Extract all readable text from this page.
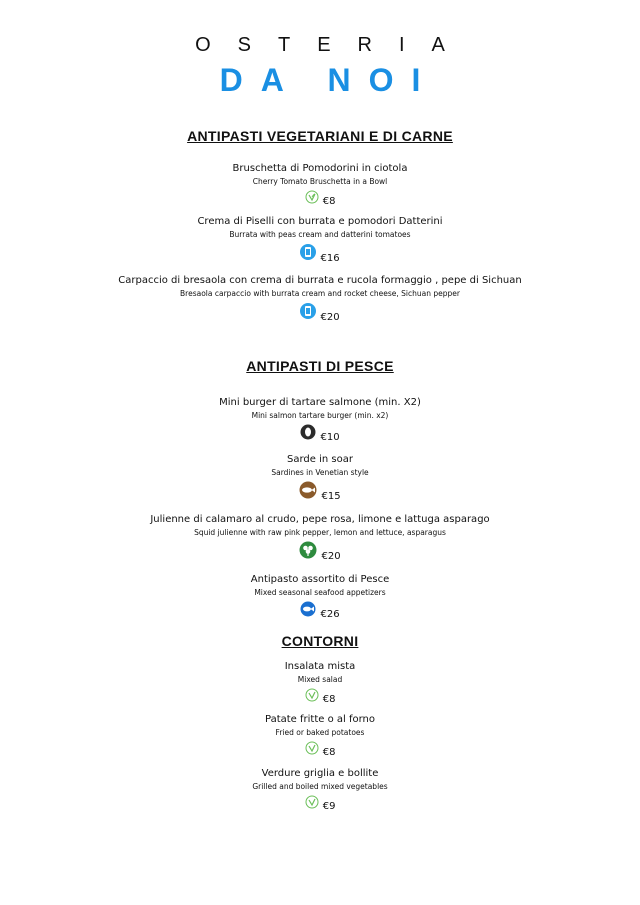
OSTERIA
DA NOI
ANTIPASTI VEGETARIANI E DI CARNE
Bruschetta di Pomodorini in ciotola
Cherry Tomato Bruschetta in a Bowl
€8
Crema di Piselli con burrata e pomodori Datterini
Burrata with peas cream and datterini tomatoes
€16
Carpaccio di bresaola con crema di burrata e rucola formaggio , pepe di Sichuan
Bresaola carpaccio with burrata cream and rocket cheese, Sichuan pepper
€20
ANTIPASTI DI PESCE
Mini burger di tartare salmone (min. X2)
Mini salmon tartare burger (min. x2)
€10
Sarde in soar
Sardines in Venetian style
€15
Julienne di calamaro al crudo, pepe rosa, limone e lattuga asparago
Squid julienne with raw pink pepper, lemon and lettuce, asparagus
€20
Antipasto assortito di Pesce
Mixed seasonal seafood appetizers
€26
CONTORNI
Insalata mista
Mixed salad
€8
Patate fritte o al forno
Fried or baked potatoes
€8
Verdure griglia e bollite
Grilled and boiled mixed vegetables
€9
